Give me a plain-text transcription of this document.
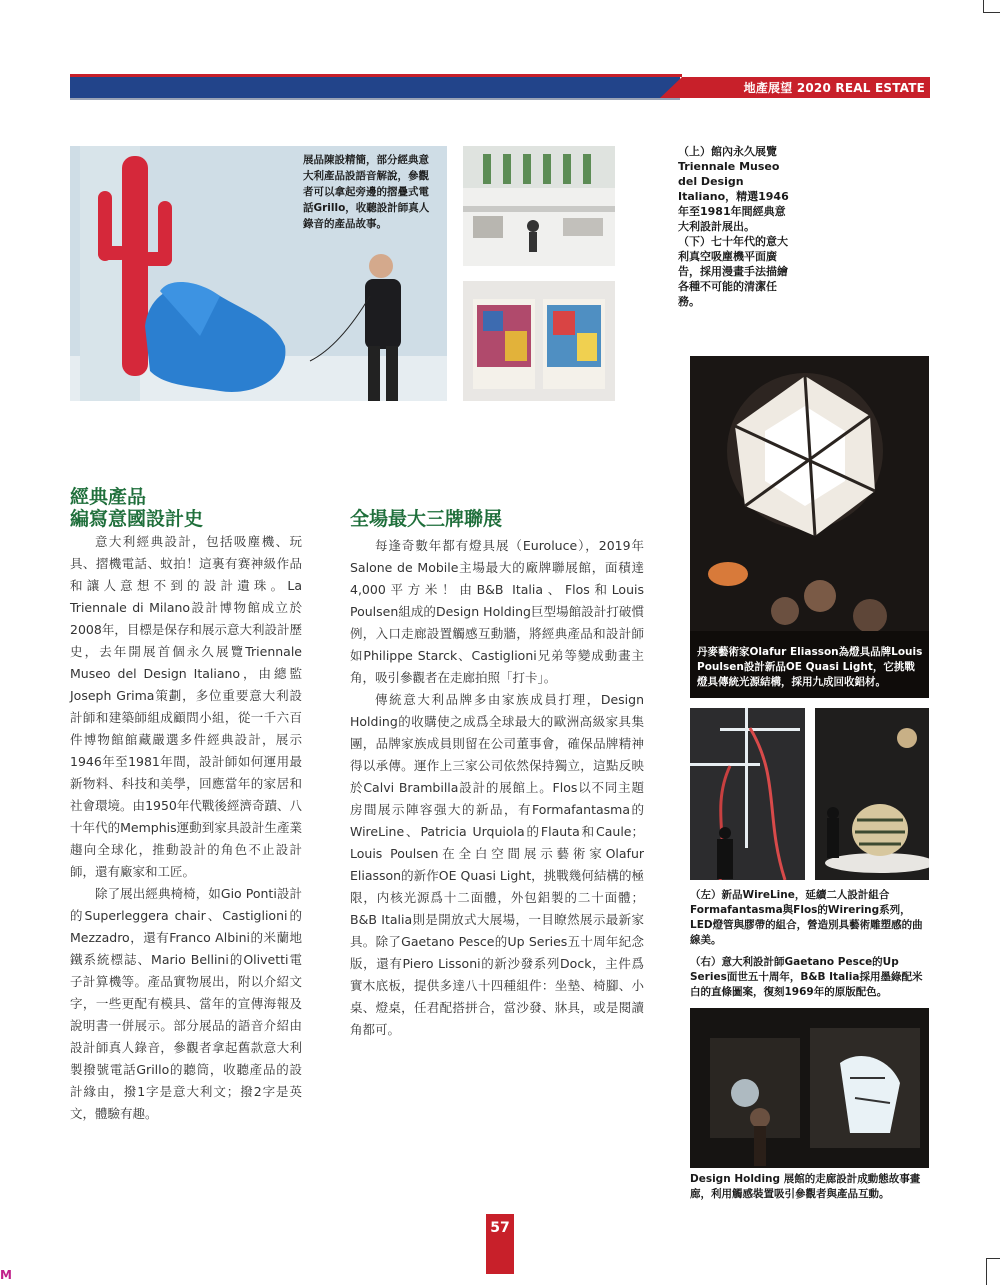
地產展望 2020 REAL ESTATE OUTLOOK
M
展品陳設精簡，部分經典意大利產品設語音解說，參觀者可以拿起旁邊的摺疊式電話Grillo，收聽設計師真人錄音的產品故事。
（上）館內永久展覽Triennale Museo del Design Italiano，精選1946年至1981年間經典意大利設計展出。
（下）七十年代的意大利真空吸塵機平面廣告，採用漫畫手法描繪各種不可能的清潔任務。
丹麥藝術家Olafur Eliasson為燈具品牌Louis Poulsen設計新品OE Quasi Light，它挑戰燈具傳統光源結構，採用九成回收鋁材。
（左）新品WireLine，延續二人設計組合Formafantasma與Flos的Wirering系列，LED燈管與膠帶的組合，營造別具藝術雕塑感的曲線美。
（右）意大利設計師Gaetano Pesce的Up Series面世五十周年，B&B Italia採用墨綠配米白的直條圖案，復刻1969年的原版配色。
Design Holding 展館的走廊設計成動態故事畫廊，利用觸感裝置吸引參觀者與產品互動。
經典產品
編寫意國設計史

意大利經典設計，包括吸塵機、玩具、摺機電話、蚊拍！這裏有赛神級作品和讓人意想不到的設計遺珠。La Triennale di Milano設計博物館成立於2008年，目標是保存和展示意大利設計歷史，去年開展首個永久展覽Triennale Museo del Design Italiano，由總監Joseph Grima策劃，多位重要意大利設計師和建築師組成顧問小組，從一千六百件博物館館藏嚴選多件經典設計，展示1946年至1981年間，設計師如何運用最新物料、科技和美學，回應當年的家居和社會環境。由1950年代戰後經濟奇蹟、八十年代的Memphis運動到家具設計生產業趨向全球化，推動設計的角色不止設計師，還有廠家和工匠。

除了展出經典椅椅，如Gio Ponti設計的Superleggera chair、Castiglioni的Mezzadro，還有Franco Albini的米蘭地鐵系統標誌、Mario Bellini的Olivetti電子計算機等。產品實物展出，附以介紹文字，一些更配有模具、當年的宣傳海報及說明書一併展示。部分展品的語音介紹由設計師真人錄音，參觀者拿起舊款意大利製撥號電話Grillo的聽筒，收聽產品的設計緣由，撥1字是意大利文；撥2字是英文，體驗有趣。

全場最大三牌聯展

每逢奇數年都有燈具展（Euroluce），2019年Salone de Mobile主場最大的廠牌聯展館，面積達4,000平方米！由B&B Italia、Flos和Louis Poulsen組成的Design Holding巨型場館設計打破慣例，入口走廊設置觸感互動牆，將經典產品和設計師如Philippe Starck、Castiglioni兄弟等變成動畫主角，吸引參觀者在走廊拍照「打卡」。

傳統意大利品牌多由家族成員打理，Design Holding的收購使之成爲全球最大的歐洲高級家具集團，品牌家族成員則留在公司董事會，確保品牌精神得以承傳。運作上三家公司依然保持獨立，這點反映於Calvi Brambilla設計的展館上。Flos以不同主題房間展示陣容强大的新品，有Formafantasma的WireLine、Patricia Urquiola的Flauta和Caule；Louis Poulsen在全白空間展示藝術家Olafur Eliasson的新作OE Quasi Light，挑戰幾何結構的極限，内核光源爲十二面體，外包鋁製的二十面體；B&B Italia則是開放式大展場，一目瞭然展示最新家具。除了Gaetano Pesce的Up Series五十周年紀念版，還有Piero Lissoni的新沙發系列Dock，主件爲實木底板，提供多達八十四種組件：坐墊、椅腳、小桌、燈桌，任君配搭拼合，當沙發、牀具，或是閱讀角都可。

57
